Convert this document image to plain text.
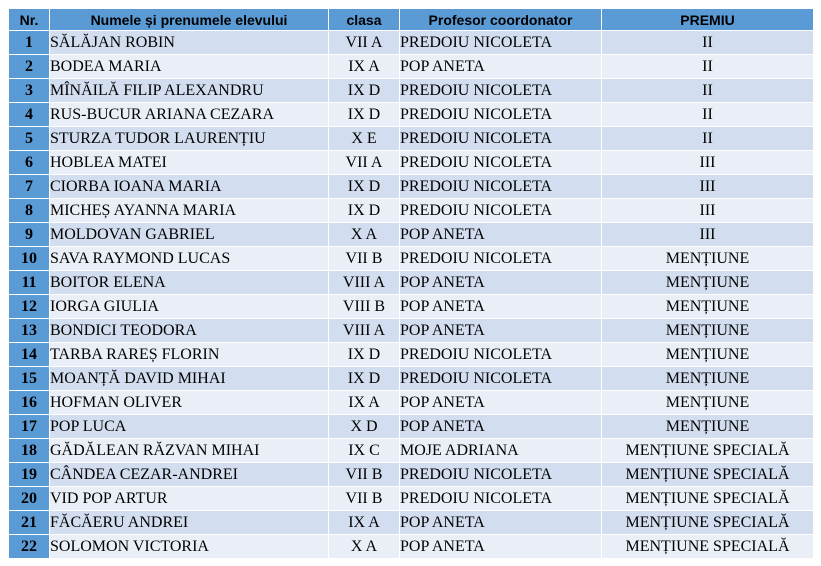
Nr.	Numele și prenumele elevului	clasa	Profesor coordonator	PREMIU
1	SĂLĂJAN ROBIN	VII A	PREDOIU NICOLETA	II
2	BODEA MARIA	IX A	POP ANETA	II
3	MÎNĂILĂ FILIP ALEXANDRU	IX D	PREDOIU NICOLETA	II
4	RUS-BUCUR ARIANA CEZARA	IX D	PREDOIU NICOLETA	II
5	STURZA TUDOR LAURENȚIU	X E	PREDOIU NICOLETA	II
6	HOBLEA MATEI	VII A	PREDOIU NICOLETA	III
7	CIORBA IOANA MARIA	IX D	PREDOIU NICOLETA	III
8	MICHEȘ AYANNA MARIA	IX D	PREDOIU NICOLETA	III
9	MOLDOVAN GABRIEL	X A	POP ANETA	III
10	SAVA RAYMOND LUCAS	VII B	PREDOIU NICOLETA	MENȚIUNE
11	BOITOR ELENA	VIII A	POP ANETA	MENȚIUNE
12	IORGA GIULIA	VIII B	POP ANETA	MENȚIUNE
13	BONDICI TEODORA	VIII A	POP ANETA	MENȚIUNE
14	TARBA RAREȘ FLORIN	IX D	PREDOIU NICOLETA	MENȚIUNE
15	MOANȚĂ DAVID MIHAI	IX D	PREDOIU NICOLETA	MENȚIUNE
16	HOFMAN OLIVER	IX A	POP ANETA	MENȚIUNE
17	POP LUCA	X D	POP ANETA	MENȚIUNE
18	GĂDĂLEAN RĂZVAN MIHAI	IX C	MOJE ADRIANA	MENȚIUNE SPECIALĂ
19	CÂNDEA CEZAR-ANDREI	VII B	PREDOIU NICOLETA	MENȚIUNE SPECIALĂ
20	VID POP ARTUR	VII B	PREDOIU NICOLETA	MENȚIUNE SPECIALĂ
21	FĂCĂERU ANDREI	IX A	POP ANETA	MENȚIUNE SPECIALĂ
22	SOLOMON VICTORIA	X A	POP ANETA	MENȚIUNE SPECIALĂ
